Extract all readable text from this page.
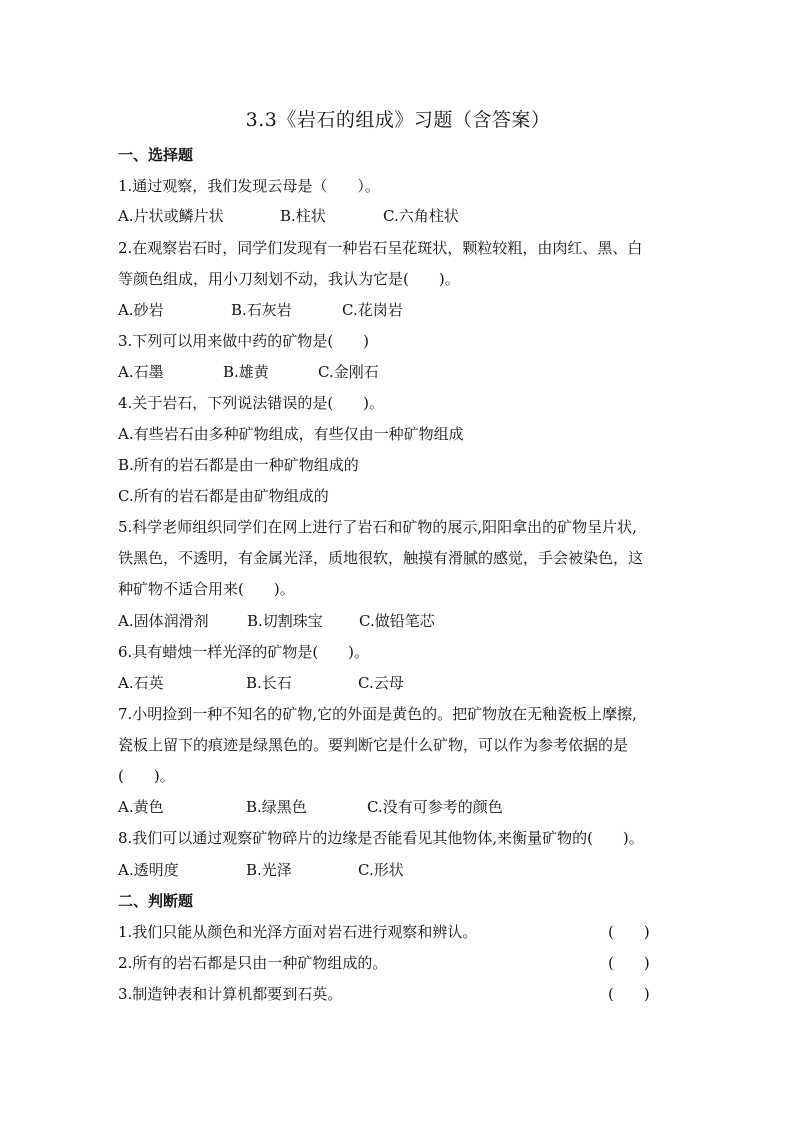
3.3《岩石的组成》习题（含答案）
一、选择题
1.通过观察，我们发现云母是（　　）。
A.片状或鳞片状	B.柱状	C.六角柱状
2.在观察岩石时，同学们发现有一种岩石呈花斑状，颗粒较粗，由肉红、黑、白
等颜色组成，用小刀刻划不动，我认为它是(　　)。
A.砂岩	B.石灰岩	C.花岗岩
3.下列可以用来做中药的矿物是(　　)
A.石墨	B.雄黄	C.金刚石
4.关于岩石，下列说法错误的是(　　)。
A.有些岩石由多种矿物组成，有些仅由一种矿物组成
B.所有的岩石都是由一种矿物组成的
C.所有的岩石都是由矿物组成的
5.科学老师组织同学们在网上进行了岩石和矿物的展示,阳阳拿出的矿物呈片状,
铁黑色，不透明，有金属光泽，质地很软，触摸有滑腻的感觉，手会被染色，这
种矿物不适合用来(　　)。
A.固体润滑剂	B.切割珠宝 C.做铅笔芯
6.具有蜡烛一样光泽的矿物是(　　)。
A.石英	B.长石	C.云母
7.小明捡到一种不知名的矿物,它的外面是黄色的。把矿物放在无釉瓷板上摩擦,
瓷板上留下的痕迹是绿黑色的。要判断它是什么矿物，可以作为参考依据的是
(　　)。
A.黄色	B.绿黑色	C.没有可参考的颜色
8.我们可以通过观察矿物碎片的边缘是否能看见其他物体,来衡量矿物的(　　)。
A.透明度	B.光泽	C.形状
二、判断题
1.我们只能从颜色和光泽方面对岩石进行观察和辨认。	(　　)
2.所有的岩石都是只由一种矿物组成的。	(　　)
3.制造钟表和计算机都要到石英。	(　　)
